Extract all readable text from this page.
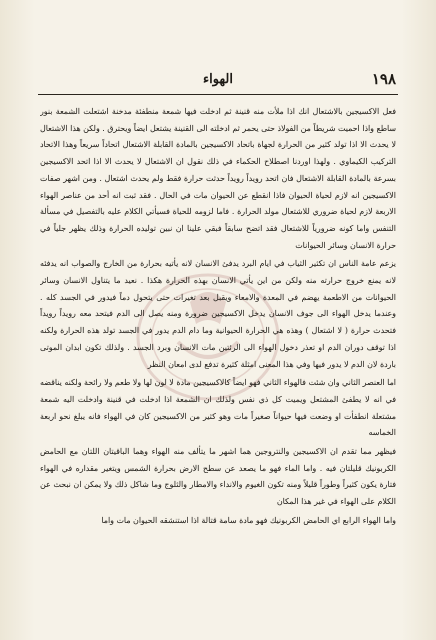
١٩٨
الهواء

فعل الاكسيجين بالاشتعال انك اذا ملأت منه قنينة ثم ادخلت فيها شمعة منطفئة مدخنة اشتعلت الشمعة بنور ساطع واذا احميت شريطاً من الفولاذ حتى يحمر ثم ادخلته الى القنينة يشتعل ايضاً ويحترق . ولكن هذا الاشتعال لا يحدث الا اذا تولد كثير من الحرارة لجهاة باتحاد الاكسيجين بالمادة القابلة الاشتعال اتحاداً سريعاً وهذا الاتحاد التركيب الكيماوي . ولهذا اوردنا اصطلاح الحكماء في ذلك نقول ان الاشتعال لا يحدث الا اذا اتحد الاكسيجين بسرعة بالمادة القابلة الاشتعال فان اتحد رويداً رويداً حدثت حرارة فقط ولم يحدث اشتعال . ومن اشهر صفات الاكسيجين انه لازم لحياة الحيوان فاذا انقطع عن الحيوان مات في الحال . فقد ثبت انه أحد من عناصر الهواء الاربعة لازم لحياة ضروري للاشتعال مولد الحرارة . فاما لزومه للحياة فسيأتي الكلام عليه بالتفصيل في مسألة التنفس واما كونه ضرورياً للاشتعال فقد اتضح سابقاً فبقي علينا ان نبين توليده الحرارة وذلك يظهر جلياً في حرارة الانسان وسائر الحيوانات

يزعم عامة الناس ان تكثير الثياب في ايام البرد يدفئ الانسان لانه يأتيه بحرارة من الخارج والصواب انه يدفئه لانه يمنع خروج حرارته منه ولكن من اين يأتي الانسان بهذه الحرارة هكذا . نعيد ما يتناول الانسان وسائر الحيوانات من الاطعمة يهضم في المعدة والامعاء ويقبل بعد تغيرات حتى يتحول دماً فيدور في الجسد كله . وعندما يدخل الهواء الى جوف الانسان يدخل الاكسيجين ضرورة ومنه يصل الى الدم فيتحد معه رويداً رويداً فتحدث حرارة ( لا اشتعال ) وهذه هي الحرارة الحيوانية وما دام الدم يدور في الجسد تولد هذه الحرارة ولكنه اذا توقف دوران الدم او تعذر دخول الهواء الى الرئتين مات الانسان وبرد الجسد . ولذلك تكون ابدان الموتى باردة لان الدم لا يدور فيها وفي هذا المعنى امثلة كثيرة تدفع لدى امعان النظر

اما العنصر الثاني وان شئت فالهواء الثاني فهو ايضاً كالاكسيجين مادة لا لون لها ولا طعم ولا رائحة ولكنه يناقضه في انه لا يطفئ المشتعل ويميت كل ذي نفس ولذلك ان الشمعة اذا ادخلت في قنينة وادخلت اليه شمعة مشتعلة انطفأت او وضعت فيها حيواناً صغيراً مات وهو كثير من الاكسيجين كان في الهواء فانه يبلغ نحو اربعة الخماسه

فيظهر مما تقدم ان الاكسيجين والنتروجين هما اشهر ما يتألف منه الهواء وهما الباقيتان اللتان مع الحامض الكربونيك قليلتان فيه . واما الماء فهو ما يصعد عن سطح الارض بحرارة الشمس ويتغير مقداره في الهواء فتارة يكون كثيراً وطوراً قليلاً ومنه تكون الغيوم والانداء والامطار والثلوج وما شاكل ذلك ولا يمكن ان نبحث عن الكلام على الهواء في غير هذا المكان

واما الهواء الرابع اي الحامض الكربونيك فهو مادة سامة قتالة اذا استنشقه الحيوان مات واما
